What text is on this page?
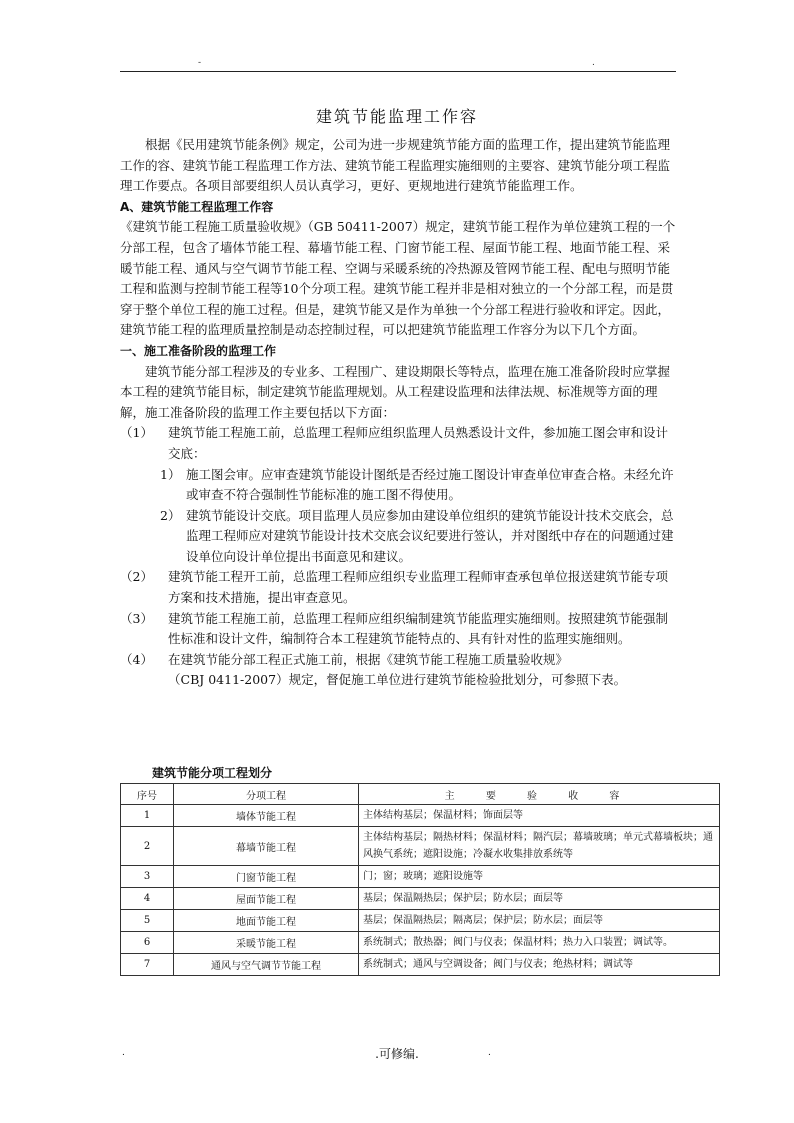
-	.
建筑节能监理工作容

根据《民用建筑节能条例》规定，公司为进一步规建筑节能方面的监理工作，提出建筑节能监理工作的容、建筑节能工程监理工作方法、建筑节能工程监理实施细则的主要容、建筑节能分项工程监理工作要点。各项目部要组织人员认真学习，更好、更规地进行建筑节能监理工作。

A、建筑节能工程监理工作容

《建筑节能工程施工质量验收规》（GB 50411-2007）规定，建筑节能工程作为单位建筑工程的一个分部工程，包含了墙体节能工程、幕墙节能工程、门窗节能工程、屋面节能工程、地面节能工程、采暖节能工程、通风与空气调节节能工程、空调与采暖系统的冷热源及管网节能工程、配电与照明节能工程和监测与控制节能工程等10个分项工程。建筑节能工程并非是相对独立的一个分部工程，而是贯穿于整个单位工程的施工过程。但是，建筑节能又是作为单独一个分部工程进行验收和评定。因此，建筑节能工程的监理质量控制是动态控制过程，可以把建筑节能监理工作容分为以下几个方面。

一、施工准备阶段的监理工作

建筑节能分部工程涉及的专业多、工程围广、建设期限长等特点，监理在施工准备阶段时应掌握本工程的建筑节能目标，制定建筑节能监理规划。从工程建设监理和法律法规、标准规等方面的理解，施工准备阶段的监理工作主要包括以下方面：

（1）	建筑节能工程施工前，总监理工程师应组织监理人员熟悉设计文件，参加施工图会审和设计交底：
1） 施工图会审。应审查建筑节能设计图纸是否经过施工图设计审查单位审查合格。未经允许或审查不符合强制性节能标准的施工图不得使用。
2） 建筑节能设计交底。项目监理人员应参加由建设单位组织的建筑节能设计技术交底会，总监理工程师应对建筑节能设计技术交底会议纪要进行签认，并对图纸中存在的问题通过建设单位向设计单位提出书面意见和建议。
（2）	建筑节能工程开工前，总监理工程师应组织专业监理工程师审查承包单位报送建筑节能专项方案和技术措施，提出审查意见。
（3）	建筑节能工程施工前，总监理工程师应组织编制建筑节能监理实施细则。按照建筑节能强制性标准和设计文件，编制符合本工程建筑节能特点的、具有针对性的监理实施细则。
（4）	在建筑节能分部工程正式施工前，根据《建筑节能工程施工质量验收规》

（CBJ 0411-2007）规定，督促施工单位进行建筑节能检验批划分，可参照下表。

建筑节能分项工程划分
序号	分项工程	主 要 验 收 容
1	墙体节能工程	主体结构基层；保温材料；饰面层等
2	幕墙节能工程	主体结构基层；隔热材料；保温材料；隔汽层；幕墙玻璃；单元式幕墙板块；通风换气系统；遮阳设施；冷凝水收集排放系统等
3	门窗节能工程	门；窗；玻璃；遮阳设施等
4	屋面节能工程	基层；保温隔热层；保护层；防水层；面层等
5	地面节能工程	基层；保温隔热层；隔离层；保护层；防水层；面层等
6	采暖节能工程	系统制式；散热器；阀门与仪表；保温材料；热力入口装置；调试等。
7	通风与空气调节节能工程	系统制式；通风与空调设备；阀门与仪表；绝热材料；调试等
.	.可修编.	.
